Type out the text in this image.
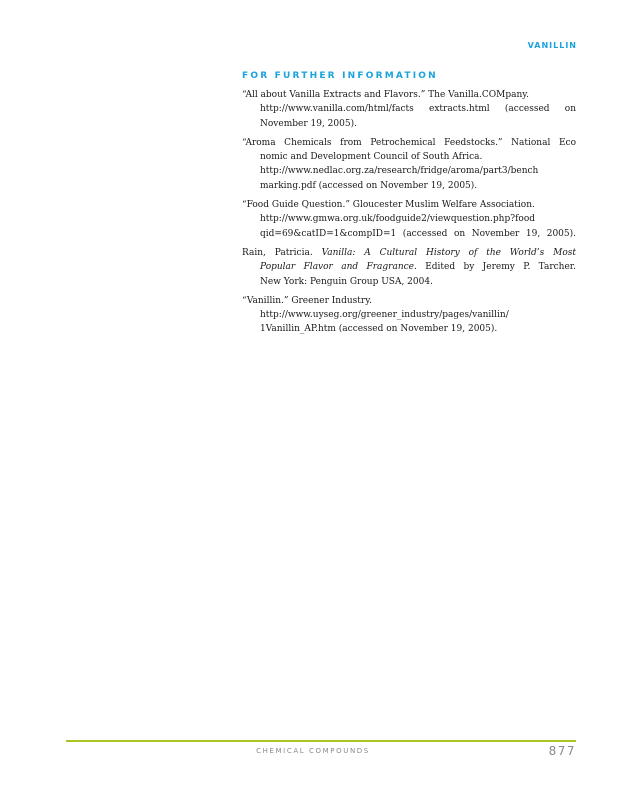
VANILLIN
FOR FURTHER INFORMATION
“All about Vanilla Extracts and Flavors.” The Vanilla.COMpany.
http://www.vanilla.com/html/facts extracts.html (accessed on
November 19, 2005).
“Aroma Chemicals from Petrochemical Feedstocks.” National Eco
nomic and Development Council of South Africa.
http://www.nedlac.org.za/research/fridge/aroma/part3/bench
marking.pdf (accessed on November 19, 2005).
“Food Guide Question.” Gloucester Muslim Welfare Association.
http://www.gmwa.org.uk/foodguide2/viewquestion.php?food
qid=69&catID=1&compID=1 (accessed on November 19, 2005).
Rain, Patricia. Vanilla: A Cultural History of the World’s Most
Popular Flavor and Fragrance. Edited by Jeremy P. Tarcher.
New York: Penguin Group USA, 2004.
“Vanillin.” Greener Industry.
http://www.uyseg.org/greener_industry/pages/vanillin/
1Vanillin_AP.htm (accessed on November 19, 2005).
CHEMICAL COMPOUNDS	877
